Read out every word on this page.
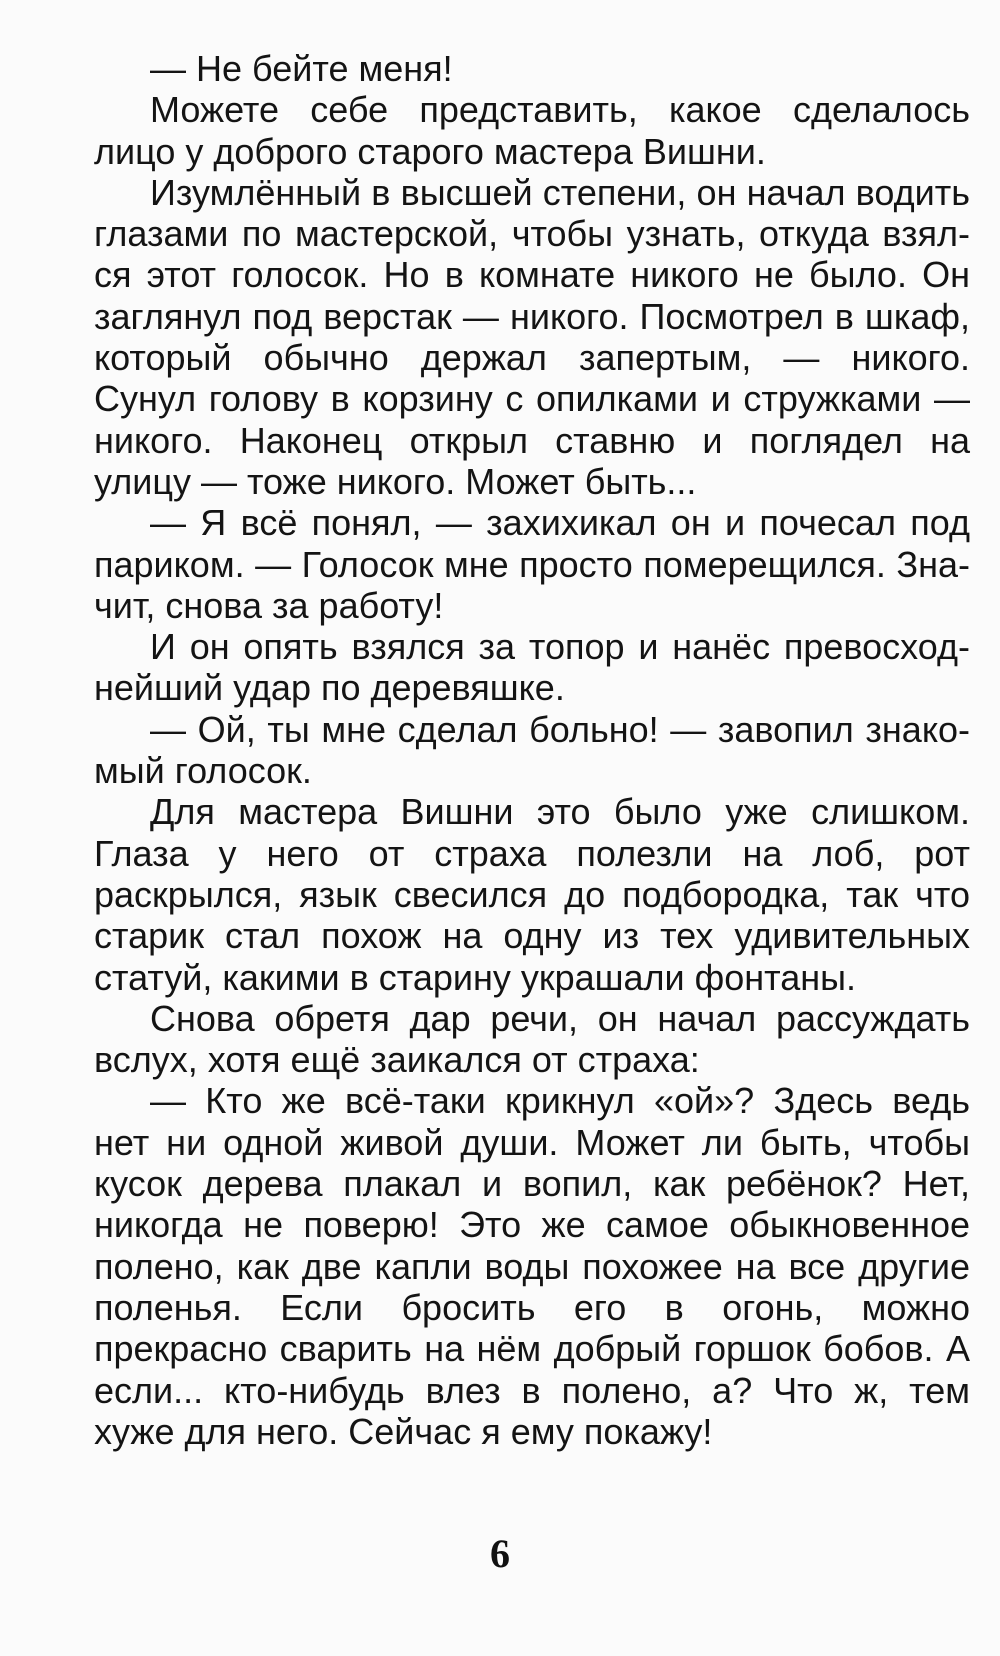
— Не бейте меня!

Можете себе представить, какое сделалось лицо у доброго старого мастера Вишни.

Изумлённый в высшей степени, он начал водить глазами по мастерской, чтобы узнать, откуда взялся этот голосок. Но в комнате никого не было. Он заглянул под верстак — никого. Посмотрел в шкаф, который обычно держал запертым, — никого. Сунул голову в корзину с опилками и стружками — никого. Наконец открыл ставню и поглядел на улицу — тоже никого. Может быть...

— Я всё понял, — захихикал он и почесал под париком. — Голосок мне просто померещился. Значит, снова за работу!

И он опять взялся за топор и нанёс превосходнейший удар по деревяшке.

— Ой, ты мне сделал больно! — завопил знакомый голосок.

Для мастера Вишни это было уже слишком. Глаза у него от страха полезли на лоб, рот раскрылся, язык свесился до подбородка, так что старик стал похож на одну из тех удивительных статуй, какими в старину украшали фонтаны.

Снова обретя дар речи, он начал рассуждать вслух, хотя ещё заикался от страха:

— Кто же всё-таки крикнул «ой»? Здесь ведь нет ни одной живой души. Может ли быть, чтобы кусок дерева плакал и вопил, как ребёнок? Нет, никогда не поверю! Это же самое обыкновенное полено, как две капли воды похожее на все другие поленья. Если бросить его в огонь, можно прекрасно сварить на нём добрый горшок бобов. А если... кто-нибудь влез в полено, а? Что ж, тем хуже для него. Сейчас я ему покажу!

6
